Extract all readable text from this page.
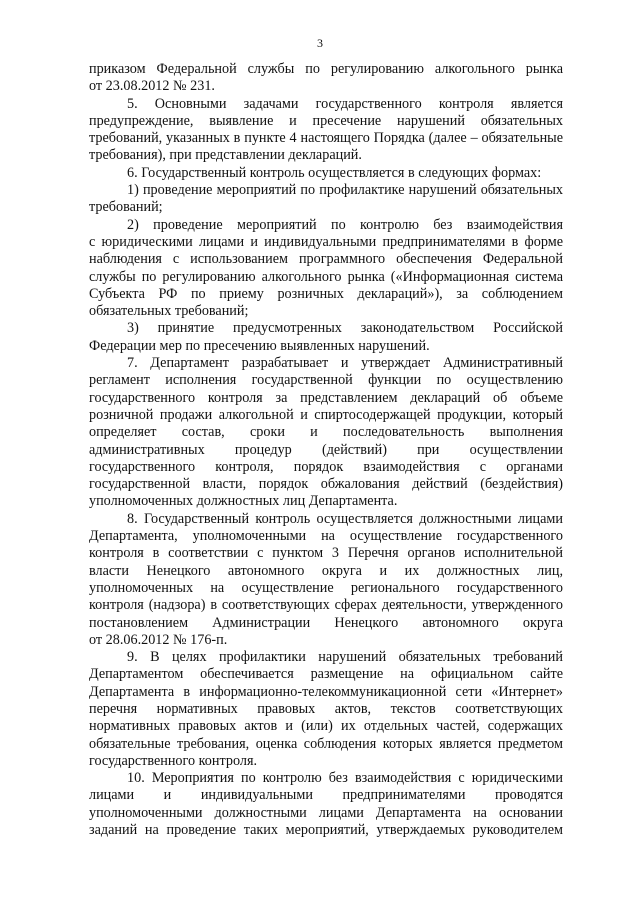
3
приказом Федеральной службы по регулированию алкогольного рынка
от 23.08.2012 № 231.
5. Основными задачами государственного контроля является
предупреждение, выявление и пресечение нарушений обязательных
требований, указанных в пункте 4 настоящего Порядка (далее – обязательные
требования), при представлении деклараций.
6. Государственный контроль осуществляется в следующих формах:
1) проведение мероприятий по профилактике нарушений обязательных
требований;
2) проведение мероприятий по контролю без взаимодействия
с юридическими лицами и индивидуальными предпринимателями в форме
наблюдения с использованием программного обеспечения Федеральной
службы по регулированию алкогольного рынка («Информационная система
Субъекта РФ по приему розничных деклараций»), за соблюдением
обязательных требований;
3) принятие предусмотренных законодательством Российской
Федерации мер по пресечению выявленных нарушений.
7. Департамент разрабатывает и утверждает Административный
регламент исполнения государственной функции по осуществлению
государственного контроля за представлением деклараций об объеме
розничной продажи алкогольной и спиртосодержащей продукции, который
определяет состав, сроки и последовательность выполнения
административных процедур (действий) при осуществлении
государственного контроля, порядок взаимодействия с органами
государственной власти, порядок обжалования действий (бездействия)
уполномоченных должностных лиц Департамента.
8. Государственный контроль осуществляется должностными лицами
Департамента, уполномоченными на осуществление государственного
контроля в соответствии с пунктом 3 Перечня органов исполнительной
власти Ненецкого автономного округа и их должностных лиц,
уполномоченных на осуществление регионального государственного
контроля (надзора) в соответствующих сферах деятельности, утвержденного
постановлением Администрации Ненецкого автономного округа
от 28.06.2012 № 176-п.
9. В целях профилактики нарушений обязательных требований
Департаментом обеспечивается размещение на официальном сайте
Департамента в информационно-телекоммуникационной сети «Интернет»
перечня нормативных правовых актов, текстов соответствующих
нормативных правовых актов и (или) их отдельных частей, содержащих
обязательные требования, оценка соблюдения которых является предметом
государственного контроля.
10. Мероприятия по контролю без взаимодействия с юридическими
лицами и индивидуальными предпринимателями проводятся
уполномоченными должностными лицами Департамента на основании
заданий на проведение таких мероприятий, утверждаемых руководителем
